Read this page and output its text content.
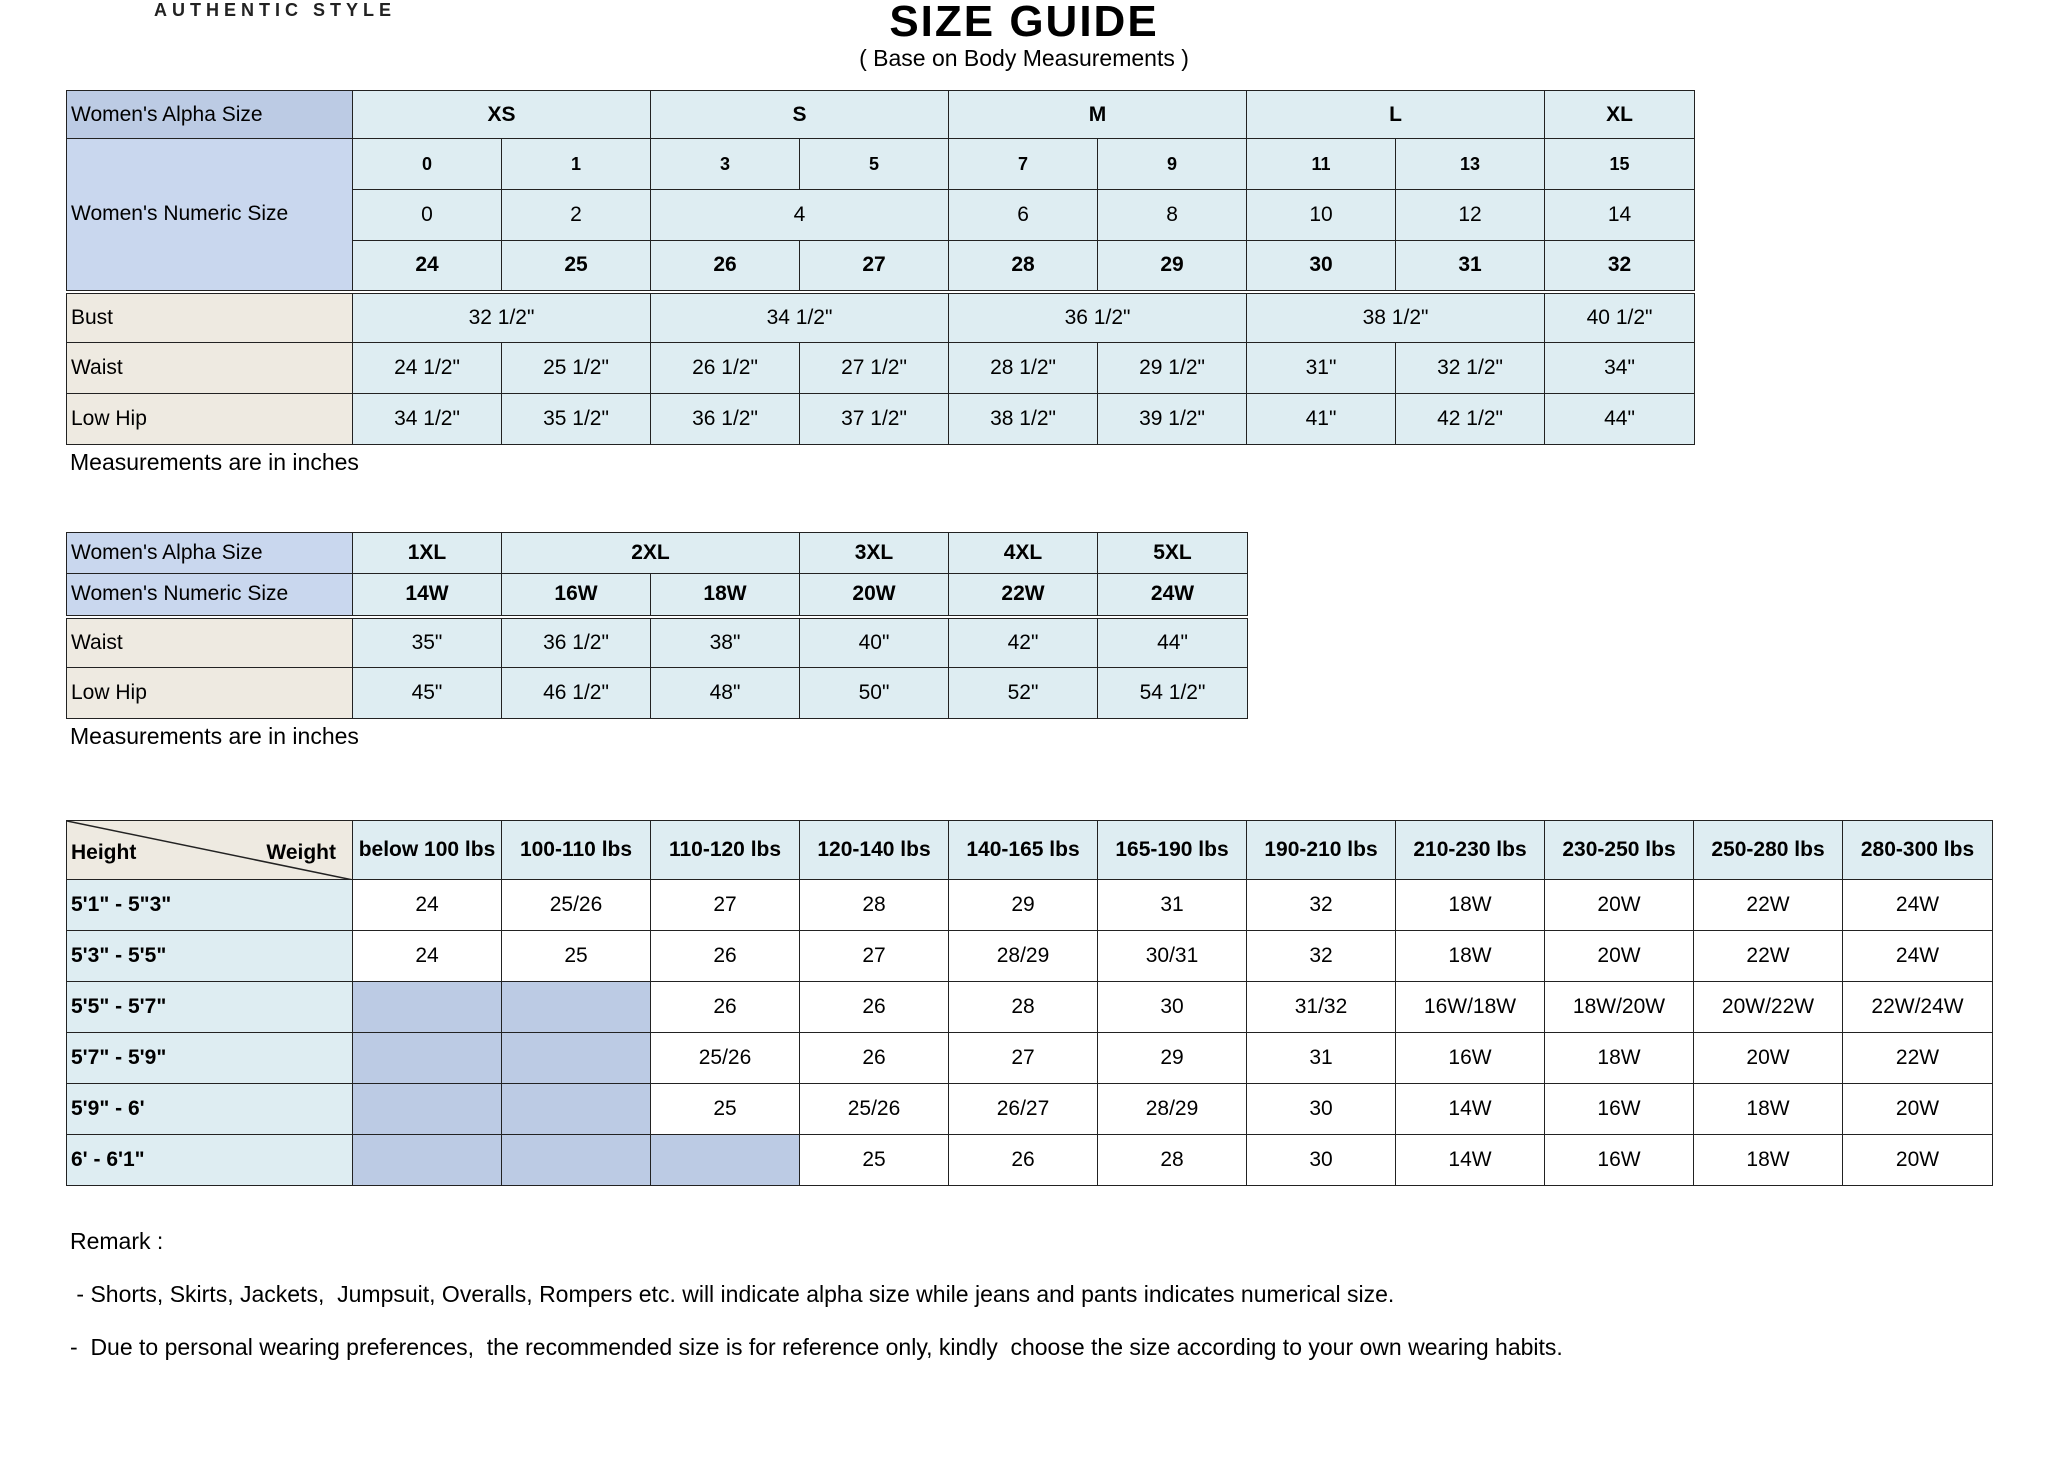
AUTHENTIC STYLE	SIZE GUIDE
( Base on Body Measurements )
Women's Alpha Size	XS		S		M		L		XL
Women's Numeric Size	0	1	3	5	7	9	11	13	15
	0	2	4		6	8	10	12	14
	24	25	26	27	28	29	30	31	32
Bust	32 1/2"		34 1/2"		36 1/2"		38 1/2"		40 1/2"
Waist	24 1/2"	25 1/2"	26 1/2"	27 1/2"	28 1/2"	29 1/2"	31"	32 1/2"	34"
Low Hip	34 1/2"	35 1/2"	36 1/2"	37 1/2"	38 1/2"	39 1/2"	41"	42 1/2"	44"
Measurements are in inches
Women's Alpha Size	1XL	2XL		3XL	4XL	5XL
Women's Numeric Size	14W	16W	18W	20W	22W	24W
Waist	35"	36 1/2"	38"	40"	42"	44"
Low Hip	45"	46 1/2"	48"	50"	52"	54 1/2"
Measurements are in inches
Height Weight	below 100 lbs	100-110 lbs	110-120 lbs	120-140 lbs	140-165 lbs	165-190 lbs	190-210 lbs	210-230 lbs	230-250 lbs	250-280 lbs	280-300 lbs
5'1" - 5"3"	24	25/26	27	28	29	31	32	18W	20W	22W	24W
5'3" - 5'5"	24	25	26	27	28/29	30/31	32	18W	20W	22W	24W
5'5" - 5'7"			26	26	28	30	31/32	16W/18W	18W/20W	20W/22W	22W/24W
5'7" - 5'9"			25/26	26	27	29	31	16W	18W	20W	22W
5'9" - 6'			25	25/26	26/27	28/29	30	14W	16W	18W	20W
6' - 6'1"				25	26	28	30	14W	16W	18W	20W
Remark :
- Shorts, Skirts, Jackets,  Jumpsuit, Overalls, Rompers etc. will indicate alpha size while jeans and pants indicates numerical size.
-  Due to personal wearing preferences,  the recommended size is for reference only, kindly  choose the size according to your own wearing habits.
